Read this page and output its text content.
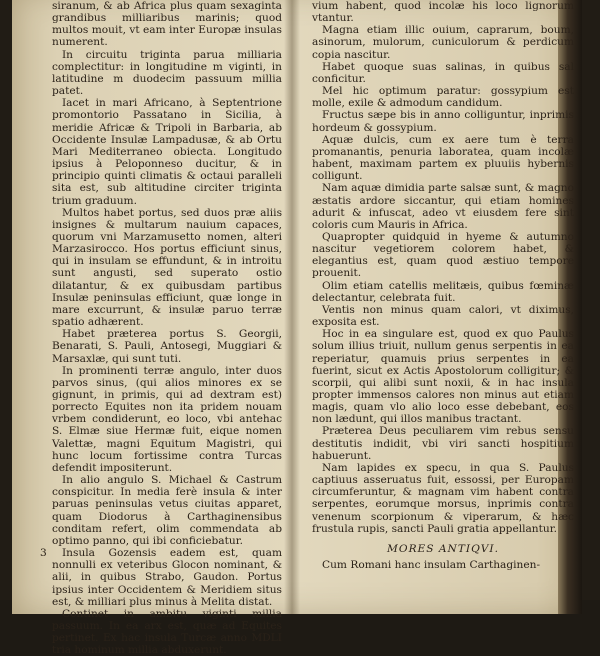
siranum, & ab Africa plus quam sexaginta grandibus milliaribus marinis; quod multos mouit, vt eam inter Europæ insulas numerent.

In circuitu triginta parua milliaria complectitur: in longitudine m viginti, in latitudine m duodecim passuum millia patet.

Iacet in mari Africano, à Septentrione promontorio Passatano in Sicilia, à meridie Africæ & Tripoli in Barbaria, ab Occidente Insulæ Lampadusæ, & ab Ortu Mari Mediterraneo obiecta. Longitudo ipsius à Peloponneso ducitur, & in principio quinti climatis & octaui paralleli sita est, sub altitudine circiter triginta trium graduum.

Multos habet portus, sed duos præ aliis insignes & multarum nauium capaces, quorum vni Marzamusetto nomen, alteri Marzasirocco. Hos portus efficiunt sinus, qui in insulam se effundunt, & in introitu sunt angusti, sed superato ostio dilatantur, & ex quibusdam partibus Insulæ peninsulas efficiunt, quæ longe in mare excurrunt, & insulæ paruo terræ spatio adhærent.

Habet præterea portus S. Georgii, Benarati, S. Pauli, Antosegi, Muggiari & Marsaxlæ, qui sunt tuti.

In prominenti terræ angulo, inter duos parvos sinus, (qui alios minores ex se gignunt, in primis, qui ad dextram est) porrecto Equites non ita pridem nouam vrbem condiderunt, eo loco, vbi antehac S. Elmæ siue Hermæ fuit, eique nomen Valettæ, magni Equitum Magistri, qui hunc locum fortissime contra Turcas defendit impositerunt.

In alio angulo S. Michael & Castrum conspicitur. In media ferè insula & inter paruas peninsulas vetus ciuitas apparet, quam Diodorus à Carthaginensibus conditam refert, olim commendata ab optimo panno, qui ibi conficiebatur.

3 Insula Gozensis eadem est, quam nonnulli ex veteribus Glocon nominant, & alii, in quibus Strabo, Gaudon. Portus ipsius inter Occidentem & Meridiem situs est, & milliari plus minus à Melita distat.

Continet in ambitu viginti millia passuum. In ea arx est, quæ ad Equites pertinet. Ex hac insula Turcæ anno MDLI tria hominum millia abduxerunt.

vium habent, quod incolæ his loco lignorum vtantur.

Magna etiam illic ouium, caprarum, boum, asinorum, mulorum, cuniculorum & perdicum copia nascitur.

Habet quoque suas salinas, in quibus sal conficitur.

Mel hic optimum paratur: gossypium est molle, exile & admodum candidum.

Fructus sæpe bis in anno colliguntur, inprimis hordeum & gossypium.

Aquæ dulcis, cum ex aere tum è terra promanantis, penuria laboratea, quam incolæ habent, maximam partem ex pluuiis hybernis colligunt.

Nam aquæ dimidia parte salsæ sunt, & magno æstatis ardore siccantur, qui etiam homines adurit & infuscat, adeo vt eiusdem fere sint coloris cum Mauris in Africa.

Quapropter quidquid in hyeme & autumno nascitur vegetiorem colorem habet, & elegantius est, quam quod æstiuo tempore prouenit.

Olim etiam catellis melitæis, quibus fœminæ delectantur, celebrata fuit.

Ventis non minus quam calori, vt diximus, exposita est.

Hoc in ea singulare est, quod ex quo Paulus solum illius triuit, nullum genus serpentis in ea reperiatur, quamuis prius serpentes in ea fuerint, sicut ex Actis Apostolorum colligitur; & scorpii, qui alibi sunt noxii, & in hac insula propter immensos calores non minus aut etiam magis, quam vlo alio loco esse debebant, eos non lædunt, qui illos manibus tractant.

Præterea Deus peculiarem vim rebus sensu destitutis indidit, vbi viri sancti hospitium habuerunt.

Nam lapides ex specu, in qua S. Paulus captiuus asseruatus fuit, essossi, per Europam circumferuntur, & magnam vim habent contra serpentes, eorumque morsus, inprimis contra venenum scorpionum & viperarum, & hæc frustula rupis, sancti Pauli gratia appellantur.

MORES ANTIQVI.

Cum Romani hanc insulam Carthaginen-
